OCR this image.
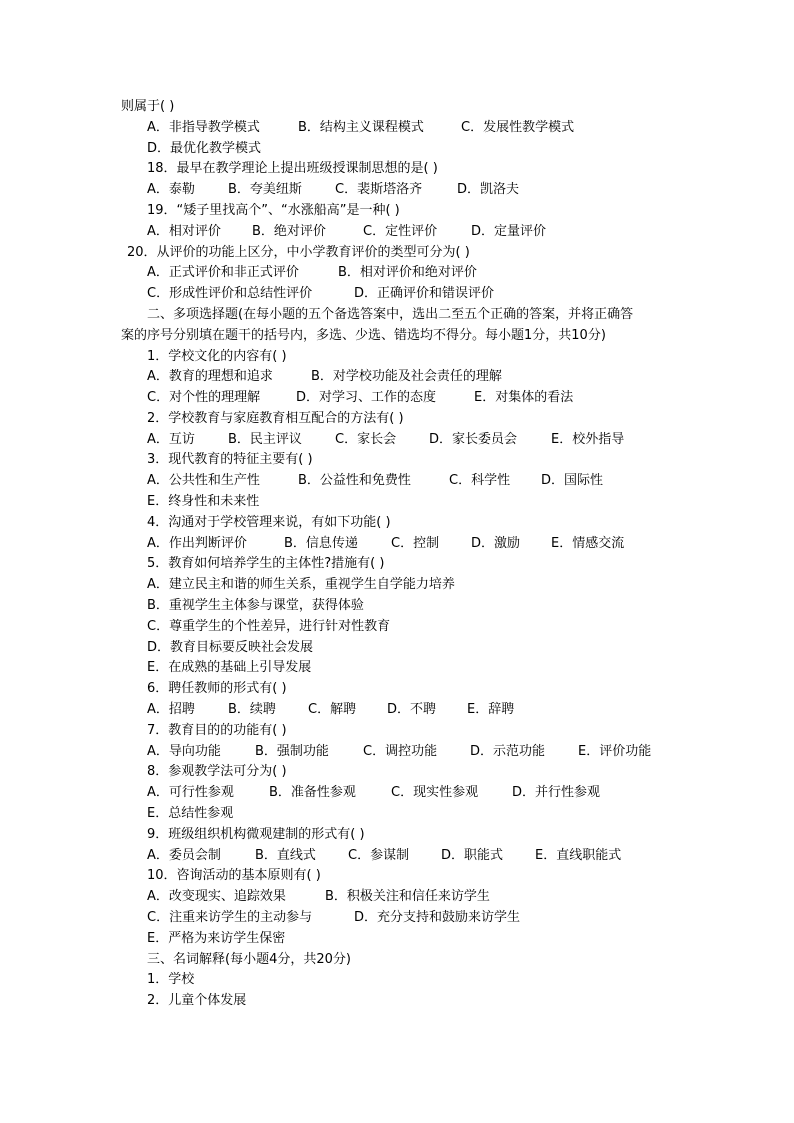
则属于( )
A．非指导教学模式	B．结构主义课程模式	C．发展性教学模式
D．最优化教学模式
18．最早在教学理论上提出班级授课制思想的是( )
A．泰勒	B．夸美纽斯	C．裴斯塔洛齐	D．凯洛夫
19．“矮子里找高个”、“水涨船高”是一种( )
A．相对评价 B．绝对评价	C．定性评价	D．定量评价
20．从评价的功能上区分，中小学教育评价的类型可分为( )
A．正式评价和非正式评价	B．相对评价和绝对评价
C．形成性评价和总结性评价	D．正确评价和错误评价
二、多项选择题(在每小题的五个备选答案中，选出二至五个正确的答案，并将正确答
案的序号分别填在题干的括号内，多选、少选、错选均不得分。每小题1分，共10分)
1．学校文化的内容有( )
A．教育的理想和追求	B．对学校功能及社会责任的理解
C．对个性的理理解	D．对学习、工作的态度	E．对集体的看法
2．学校教育与家庭教育相互配合的方法有( )
A．互访	B．民主评议	C．家长会	D．家长委员会	E．校外指导
3．现代教育的特征主要有( )
A．公共性和生产性	B．公益性和免费性	C．科学性 D．国际性
E．终身性和未来性
4．沟通对于学校管理来说，有如下功能( )
A．作出判断评价	B．信息传递	C．控制 D．激励 E．情感交流
5．教育如何培养学生的主体性?措施有( )
A．建立民主和谐的师生关系，重视学生自学能力培养
B．重视学生主体参与课堂，获得体验
C．尊重学生的个性差异，进行针对性教育
D．教育目标要反映社会发展
E．在成熟的基础上引导发展
6．聘任教师的形式有( )
A．招聘	B．续聘 C．解聘 D．不聘 E．辞聘
7．教育目的的功能有( )
A．导向功能	B．强制功能	C．调控功能	D．示范功能	E．评价功能
8．参观教学法可分为( )
A．可行性参观	B．准备性参观	C．现实性参观	D．并行性参观
E．总结性参观
9．班级组织机构微观建制的形式有( )
A．委员会制	B．直线式 C．参谋制 D．职能式 E．直线职能式
10．咨询活动的基本原则有( )
A．改变现实、追踪效果	B．积极关注和信任来访学生
C．注重来访学生的主动参与	D．充分支持和鼓励来访学生
E．严格为来访学生保密
三、名词解释(每小题4分，共20分)
1．学校
2．儿童个体发展
